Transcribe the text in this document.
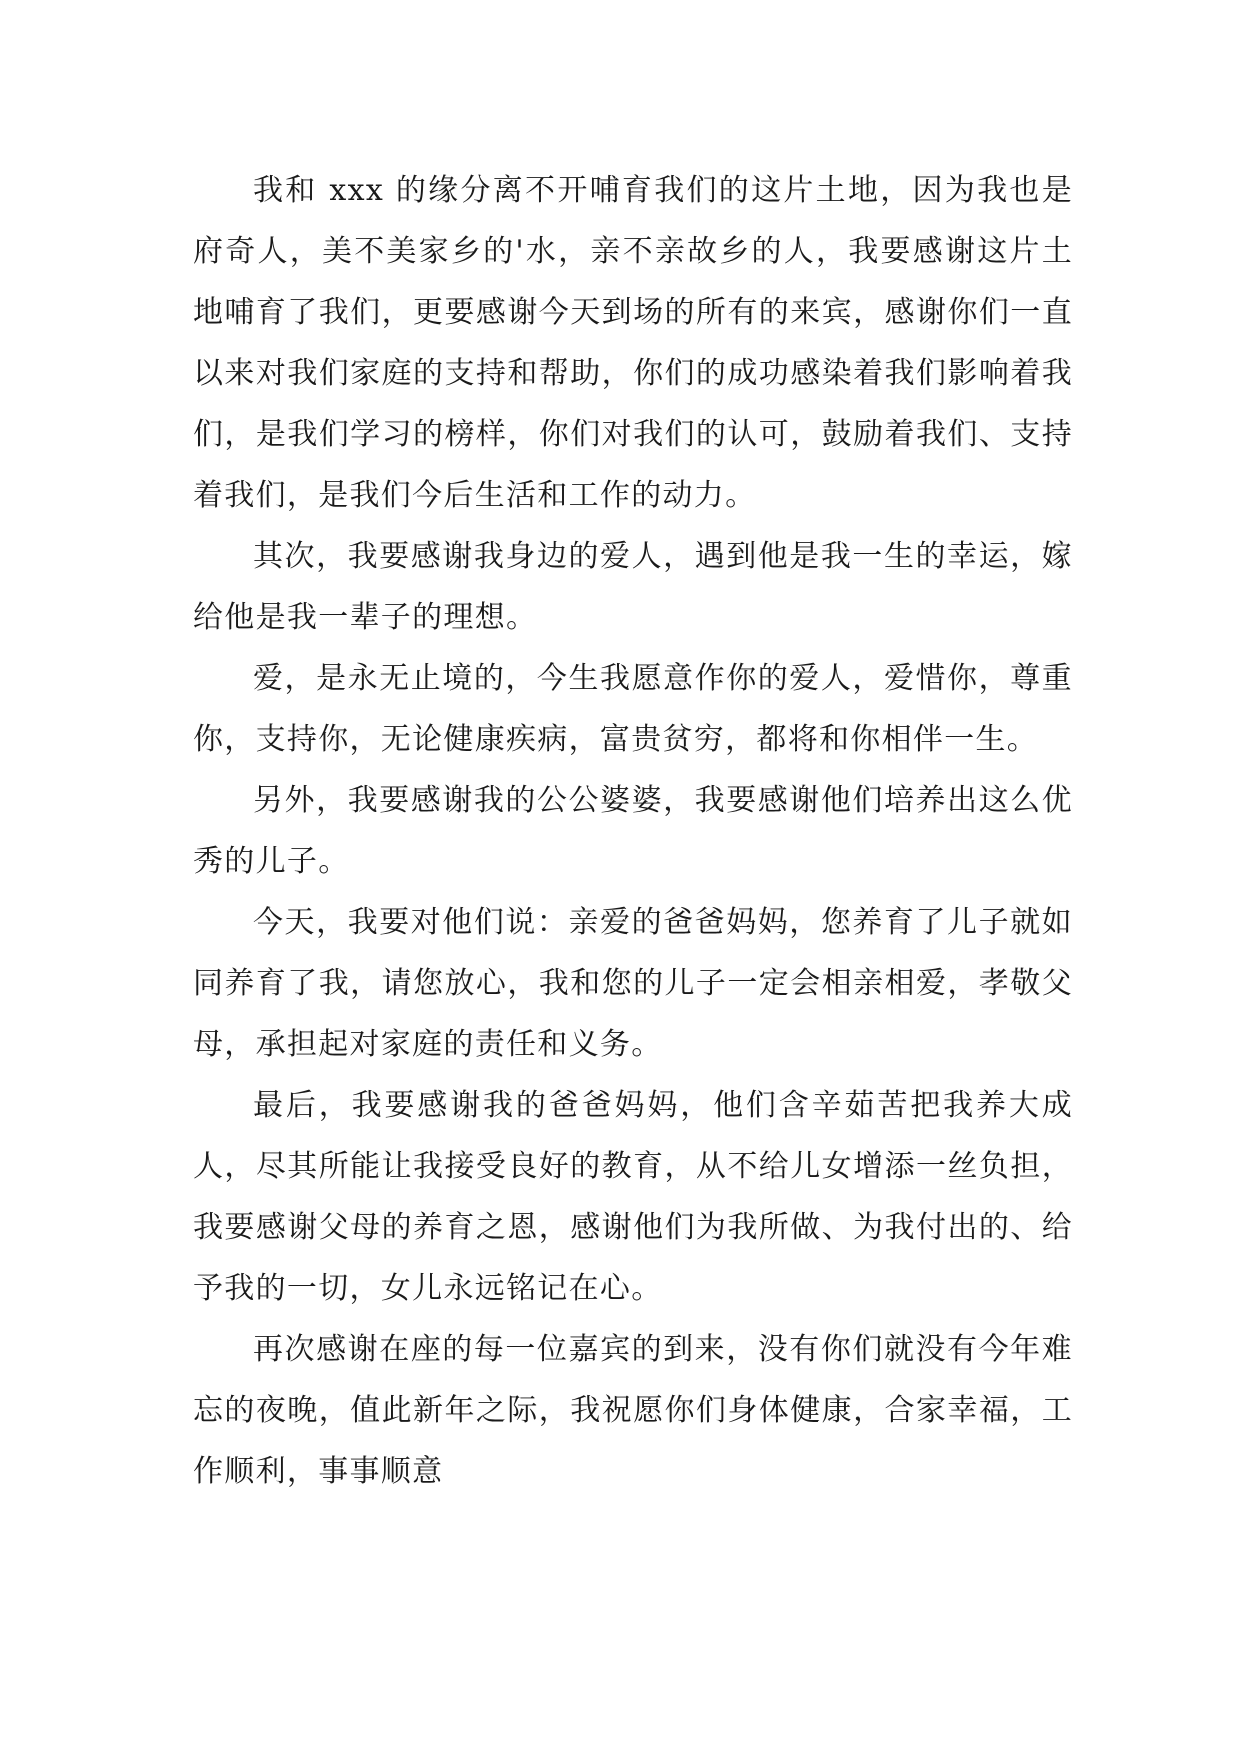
我和 xxx 的缘分离不开哺育我们的这片土地，因为我也是府奇人，美不美家乡的'水，亲不亲故乡的人，我要感谢这片土地哺育了我们，更要感谢今天到场的所有的来宾，感谢你们一直以来对我们家庭的支持和帮助，你们的成功感染着我们影响着我们，是我们学习的榜样，你们对我们的认可，鼓励着我们、支持着我们，是我们今后生活和工作的动力。

其次，我要感谢我身边的爱人，遇到他是我一生的幸运，嫁给他是我一辈子的理想。

爱，是永无止境的，今生我愿意作你的爱人，爱惜你，尊重你，支持你，无论健康疾病，富贵贫穷，都将和你相伴一生。

另外，我要感谢我的公公婆婆，我要感谢他们培养出这么优秀的儿子。

今天，我要对他们说：亲爱的爸爸妈妈，您养育了儿子就如同养育了我，请您放心，我和您的儿子一定会相亲相爱，孝敬父母，承担起对家庭的责任和义务。

最后，我要感谢我的爸爸妈妈，他们含辛茹苦把我养大成人，尽其所能让我接受良好的教育，从不给儿女增添一丝负担，我要感谢父母的养育之恩，感谢他们为我所做、为我付出的、给予我的一切，女儿永远铭记在心。

再次感谢在座的每一位嘉宾的到来，没有你们就没有今年难忘的夜晚，值此新年之际，我祝愿你们身体健康，合家幸福，工作顺利，事事顺意
